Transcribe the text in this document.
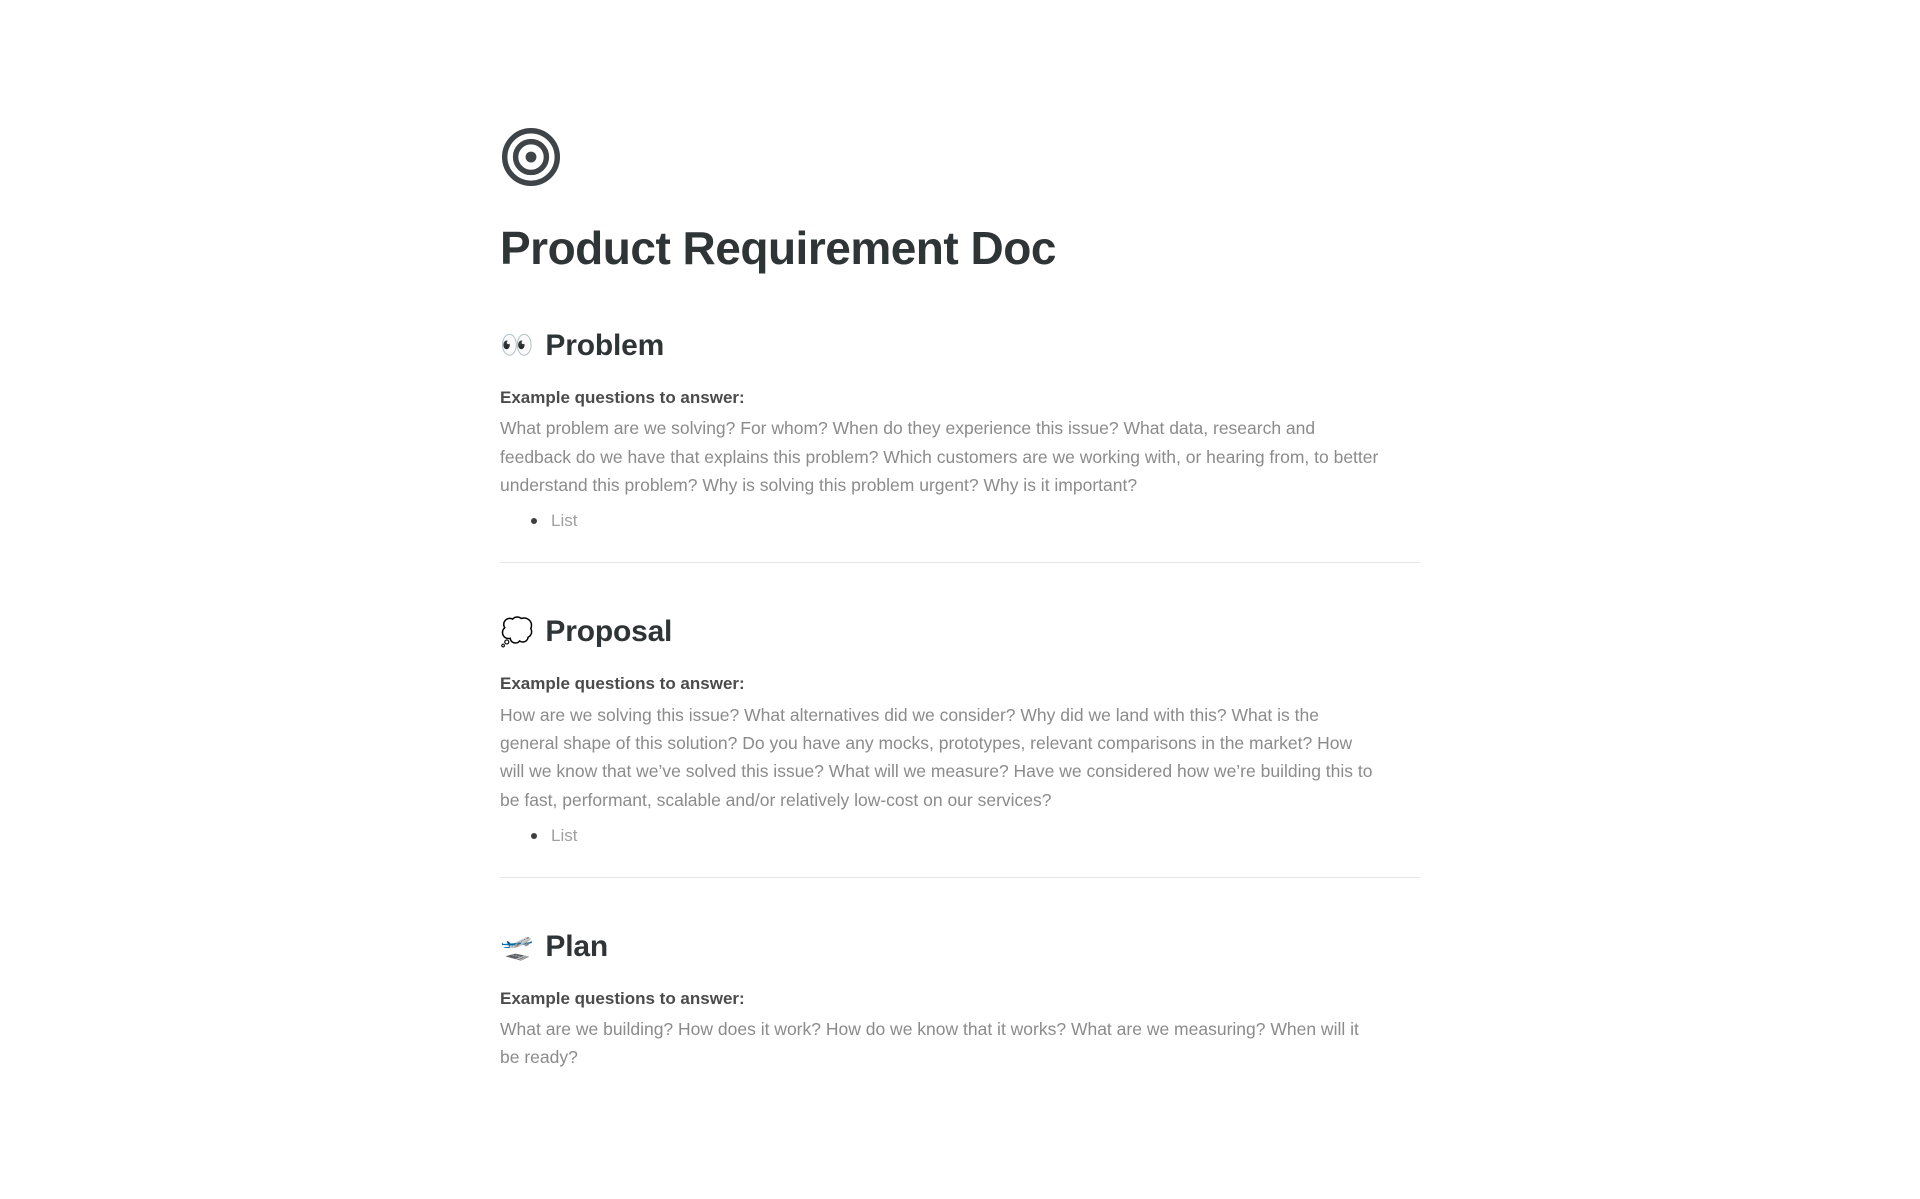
Product Requirement Doc
👀 Problem

Example questions to answer:

What problem are we solving? For whom? When do they experience this issue? What data, research and feedback do we have that explains this problem? Which customers are we working with, or hearing from, to better understand this problem? Why is solving this problem urgent? Why is it important?

List
💭 Proposal

Example questions to answer:

How are we solving this issue? What alternatives did we consider? Why did we land with this? What is the general shape of this solution? Do you have any mocks, prototypes, relevant comparisons in the market? How will we know that we’ve solved this issue? What will we measure? Have we considered how we’re building this to be fast, performant, scalable and/or relatively low-cost on our services?

List
🛫 Plan

Example questions to answer:

What are we building? How does it work? How do we know that it works? What are we measuring? When will it be ready?
